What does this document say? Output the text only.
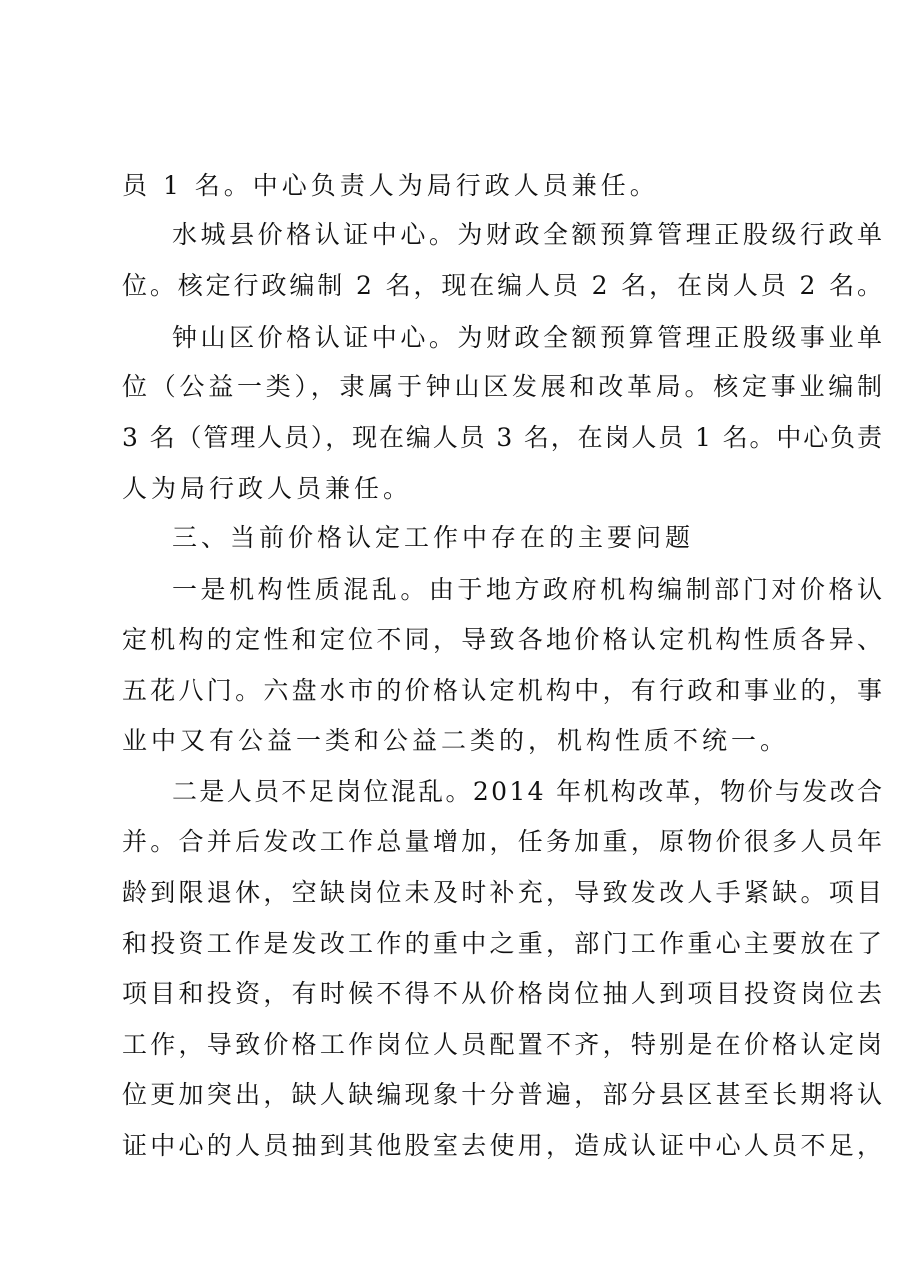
员 1 名。中心负责人为局行政人员兼任。
水城县价格认证中心。为财政全额预算管理正股级行政单
位。核定行政编制 2 名，现在编人员 2 名，在岗人员 2 名。
钟山区价格认证中心。为财政全额预算管理正股级事业单
位（公益一类），隶属于钟山区发展和改革局。核定事业编制
3 名（管理人员），现在编人员 3 名，在岗人员 1 名。中心负责
人为局行政人员兼任。
三、当前价格认定工作中存在的主要问题
一是机构性质混乱。由于地方政府机构编制部门对价格认
定机构的定性和定位不同，导致各地价格认定机构性质各异、
五花八门。六盘水市的价格认定机构中，有行政和事业的，事
业中又有公益一类和公益二类的，机构性质不统一。
二是人员不足岗位混乱。2014 年机构改革，物价与发改合
并。合并后发改工作总量增加，任务加重，原物价很多人员年
龄到限退休，空缺岗位未及时补充，导致发改人手紧缺。项目
和投资工作是发改工作的重中之重，部门工作重心主要放在了
项目和投资，有时候不得不从价格岗位抽人到项目投资岗位去
工作，导致价格工作岗位人员配置不齐，特别是在价格认定岗
位更加突出，缺人缺编现象十分普遍，部分县区甚至长期将认
证中心的人员抽到其他股室去使用，造成认证中心人员不足，
